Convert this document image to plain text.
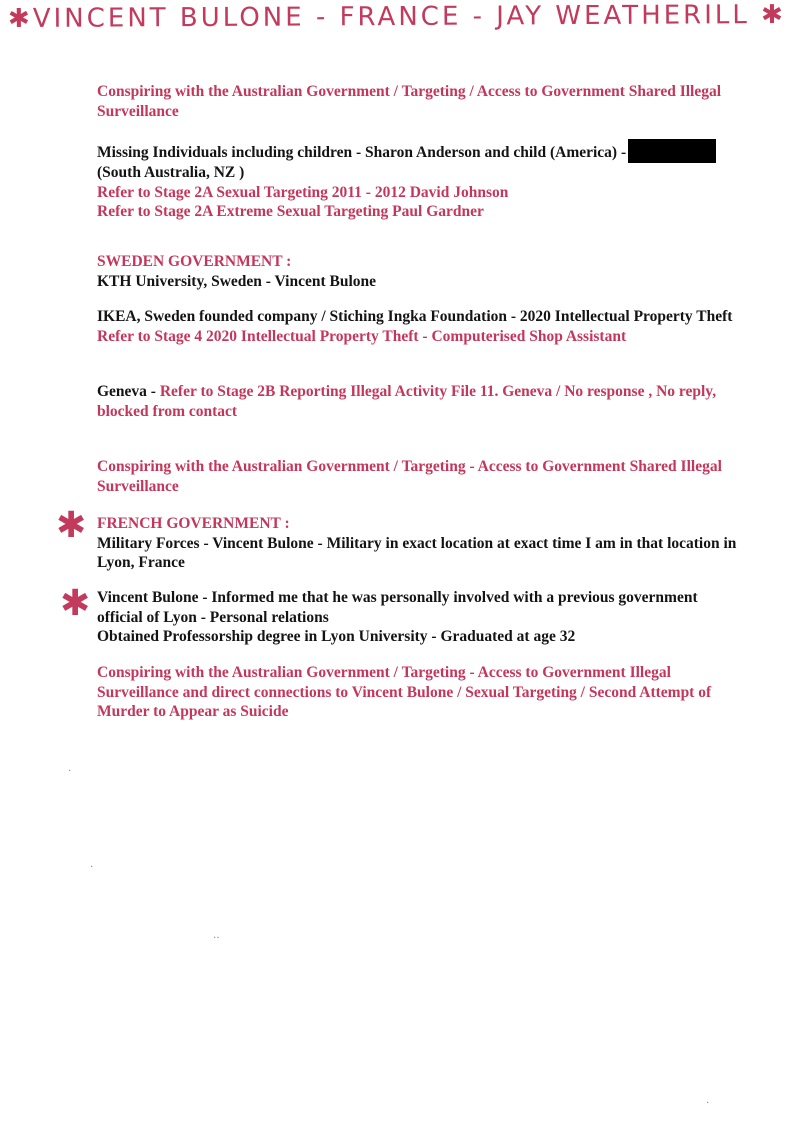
✱VINCENT BULONE - FRANCE - JAY WEATHERILL ✱
Conspiring with the Australian Government / Targeting / Access to Government Shared Illegal Surveillance
Missing Individuals including children - Sharon Anderson and child (America) -
(South Australia, NZ )
Refer to Stage 2A Sexual Targeting 2011 - 2012 David Johnson
Refer to Stage 2A Extreme Sexual Targeting Paul Gardner
SWEDEN GOVERNMENT :
KTH University, Sweden - Vincent Bulone
IKEA, Sweden founded company / Stiching Ingka Foundation - 2020 Intellectual Property Theft
Refer to Stage 4 2020 Intellectual Property Theft - Computerised Shop Assistant
Geneva - Refer to Stage 2B Reporting Illegal Activity File 11. Geneva / No response , No reply, blocked from contact
Conspiring with the Australian Government / Targeting - Access to Government Shared Illegal Surveillance
✱ FRENCH GOVERNMENT :
Military Forces - Vincent Bulone - Military in exact location at exact time I am in that location in Lyon, France
✱ Vincent Bulone - Informed me that he was personally involved with a previous government official of Lyon - Personal relations
Obtained Professorship degree in Lyon University - Graduated at age 32
Conspiring with the Australian Government / Targeting - Access to Government Illegal Surveillance and direct connections to Vincent Bulone / Sexual Targeting / Second Attempt of Murder to Appear as Suicide
·
·
··
·
